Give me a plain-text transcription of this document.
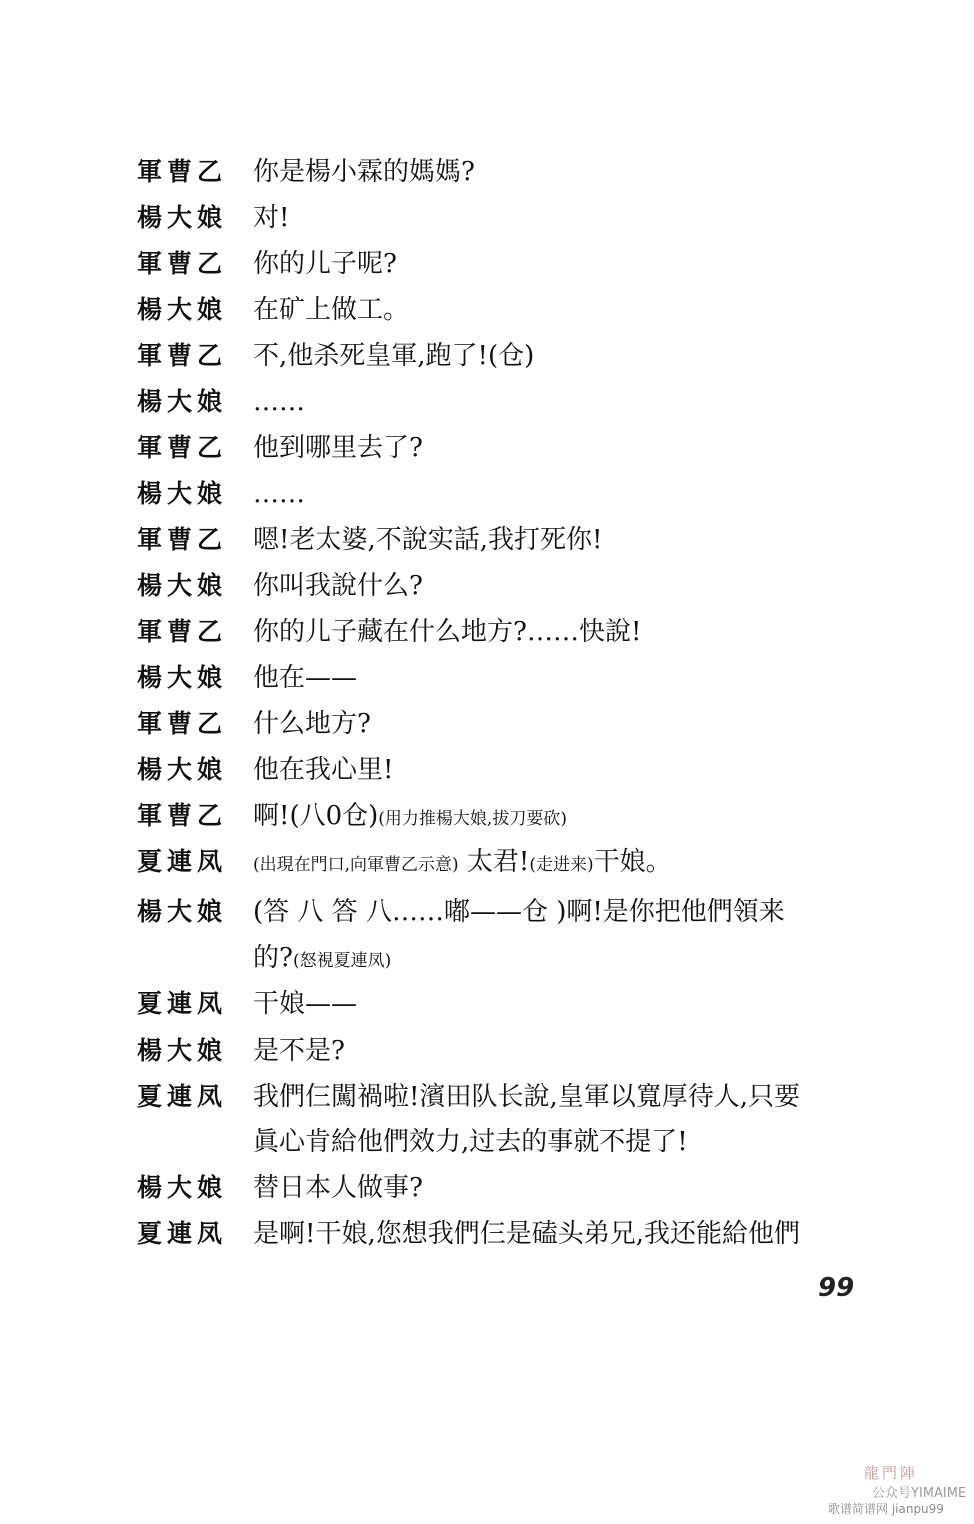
軍曹乙 你是楊小霖的媽媽?
楊大娘 对!
軍曹乙 你的儿子呢?
楊大娘 在矿上做工。
軍曹乙 不,他杀死皇軍,跑了!(仓)
楊大娘 ……
軍曹乙 他到哪里去了?
楊大娘 ……
軍曹乙 嗯!老太婆,不說实話,我打死你!
楊大娘 你叫我說什么?
軍曹乙 你的儿子藏在什么地方?……快說!
楊大娘 他在——
軍曹乙 什么地方?
楊大娘 他在我心里!
軍曹乙 啊!(八0仓)(用力推楊大娘,拔刀要砍)
夏連凤	(出現在門口,向軍曹乙示意) 太君!(走进来)干娘。
楊大娘 (答 八 答 八……嘟——仓 )啊!是你把他們領来
的?(怒視夏連凤)
夏連凤 干娘——
楊大娘 是不是?
夏連凤 我們仨闖禍啦!濱田队长說,皇軍以寬厚待人,只要
眞心肯給他們效力,过去的事就不提了!
楊大娘 替日本人做事?
夏連凤 是啊!干娘,您想我們仨是磕头弟兄,我还能給他們
99
龍門陣
公众号YIMAIME
歌谱简谱网 jianpu99
